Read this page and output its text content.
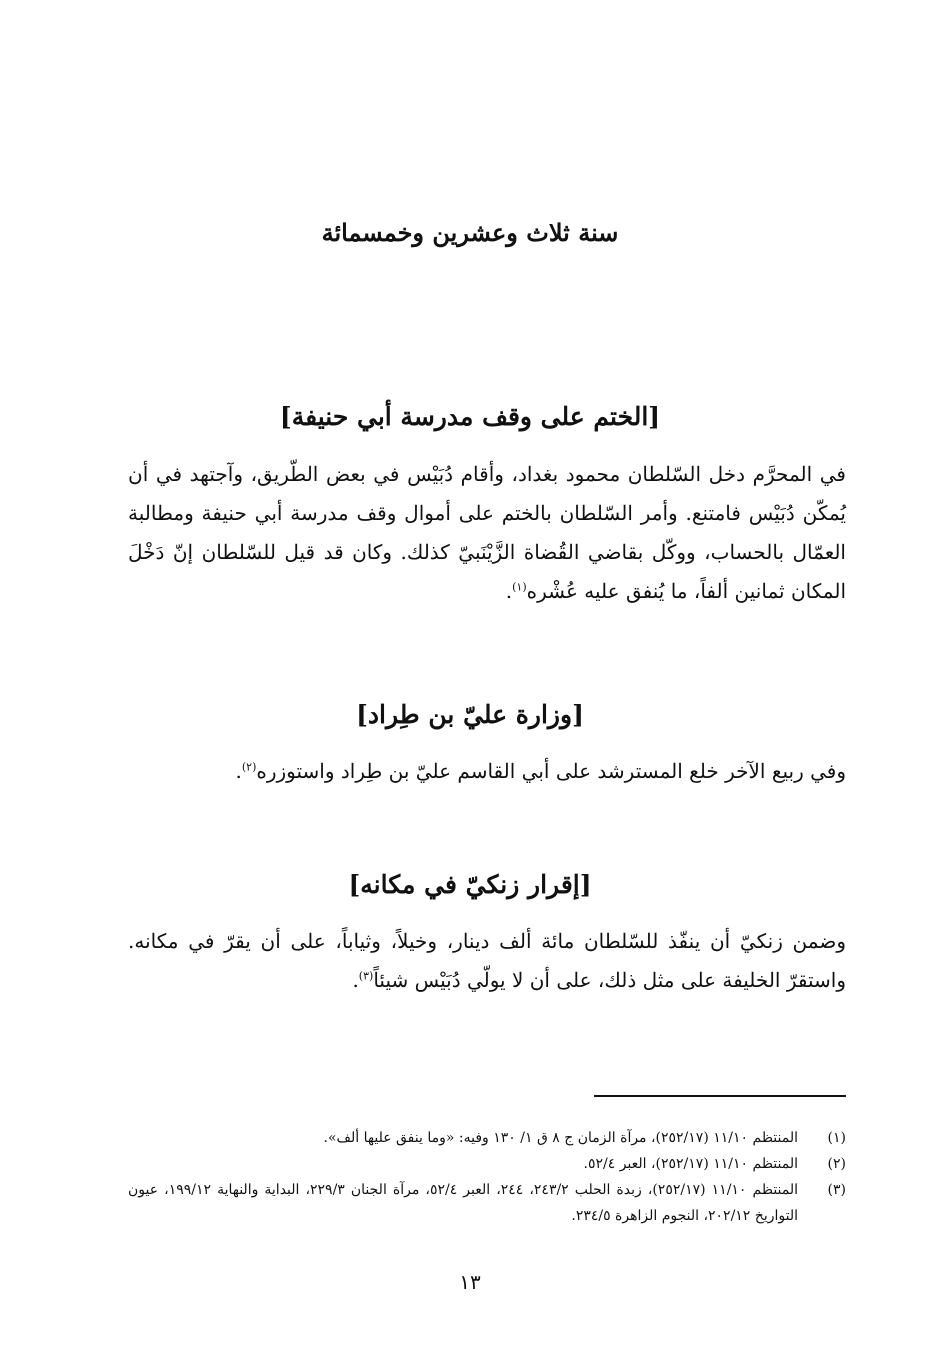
سنة ثلاث وعشرين وخمسمائة
[الختم على وقف مدرسة أبي حنيفة]

في المحرَّم دخل السّلطان محمود بغداد، وأقام دُبَيْس في بعض الطّريق، وآجتهد في أن يُمكّن دُبَيْس فامتنع. وأمر السّلطان بالختم على أموال وقف مدرسة أبي حنيفة ومطالبة العمّال بالحساب، ووكّل بقاضي القُضاة الزَّيْنَبيّ كذلك. وكان قد قيل للسّلطان إنّ دَخْلَ المكان ثمانين ألفاً، ما يُنفق عليه عُشْره$^{(١)}$.

[وزارة عليّ بن طِراد]

وفي ربيع الآخر خلع المسترشد على أبي القاسم عليّ بن طِراد واستوزره$^{(٢)}$.

[إقرار زنكيّ في مكانه]

وضمن زنكيّ أن ينفّذ للسّلطان مائة ألف دينار، وخيلاً، وثياباً، على أن يقرّ في مكانه. واستقرّ الخليفة على مثل ذلك، على أن لا يولّي دُبَيْس شيئاً$^{(٣)}$.

(١)
المنتظم ١١/١٠ (٢٥٢/١٧)، مرآة الزمان ج ٨ ق ١/ ١٣٠ وفيه: «وما ينفق عليها ألف».
(٢)
المنتظم ١١/١٠ (٢٥٢/١٧)، العبر ٥٢/٤.
(٣)
المنتظم ١١/١٠ (٢٥٢/١٧)، زبدة الحلب ٢٤٣/٢، ٢٤٤، العبر ٥٢/٤، مرآة الجنان ٢٢٩/٣، البداية والنهاية ١٩٩/١٢، عيون التواريخ ٢٠٢/١٢، النجوم الزاهرة ٢٣٤/٥.
١٣
